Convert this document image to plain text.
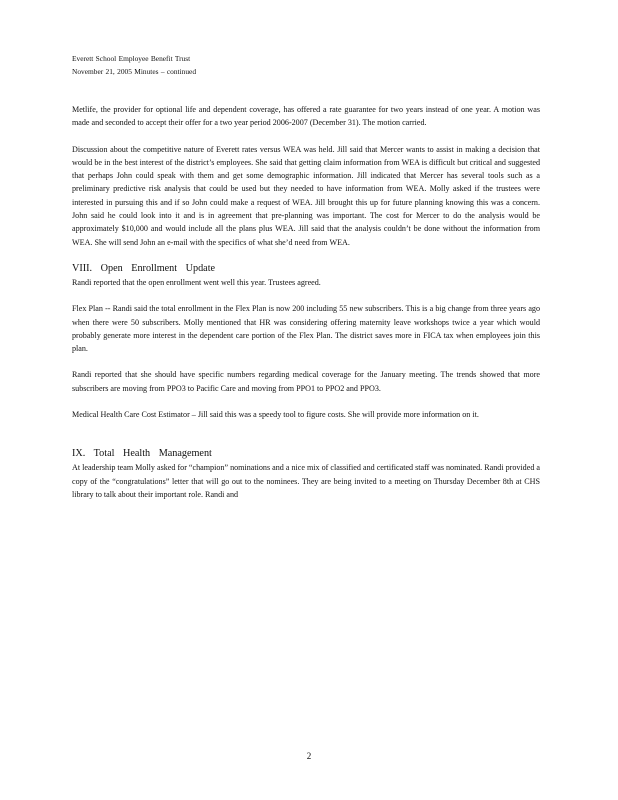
Everett School Employee Benefit Trust
November 21, 2005 Minutes – continued

Metlife, the provider for optional life and dependent coverage, has offered a rate guarantee for two years instead of one year. A motion was made and seconded to accept their offer for a two year period 2006-2007 (December 31). The motion carried.

Discussion about the competitive nature of Everett rates versus WEA was held. Jill said that Mercer wants to assist in making a decision that would be in the best interest of the district’s employees. She said that getting claim information from WEA is difficult but critical and suggested that perhaps John could speak with them and get some demographic information. Jill indicated that Mercer has several tools such as a preliminary predictive risk analysis that could be used but they needed to have information from WEA. Molly asked if the trustees were interested in pursuing this and if so John could make a request of WEA. Jill brought this up for future planning knowing this was a concern. John said he could look into it and is in agreement that pre-planning was important. The cost for Mercer to do the analysis would be approximately $10,000 and would include all the plans plus WEA. Jill said that the analysis couldn’t be done without the information from WEA. She will send John an e-mail with the specifics of what she’d need from WEA.

VIII. Open Enrollment Update

Randi reported that the open enrollment went well this year. Trustees agreed.

Flex Plan -- Randi said the total enrollment in the Flex Plan is now 200 including 55 new subscribers. This is a big change from three years ago when there were 50 subscribers. Molly mentioned that HR was considering offering maternity leave workshops twice a year which would probably generate more interest in the dependent care portion of the Flex Plan. The district saves more in FICA tax when employees join this plan.

Randi reported that she should have specific numbers regarding medical coverage for the January meeting. The trends showed that more subscribers are moving from PPO3 to Pacific Care and moving from PPO1 to PPO2 and PPO3.

Medical Health Care Cost Estimator – Jill said this was a speedy tool to figure costs. She will provide more information on it.

IX. Total Health Management

At leadership team Molly asked for “champion” nominations and a nice mix of classified and certificated staff was nominated. Randi provided a copy of the “congratulations” letter that will go out to the nominees. They are being invited to a meeting on Thursday December 8th at CHS library to talk about their important role. Randi and

2
